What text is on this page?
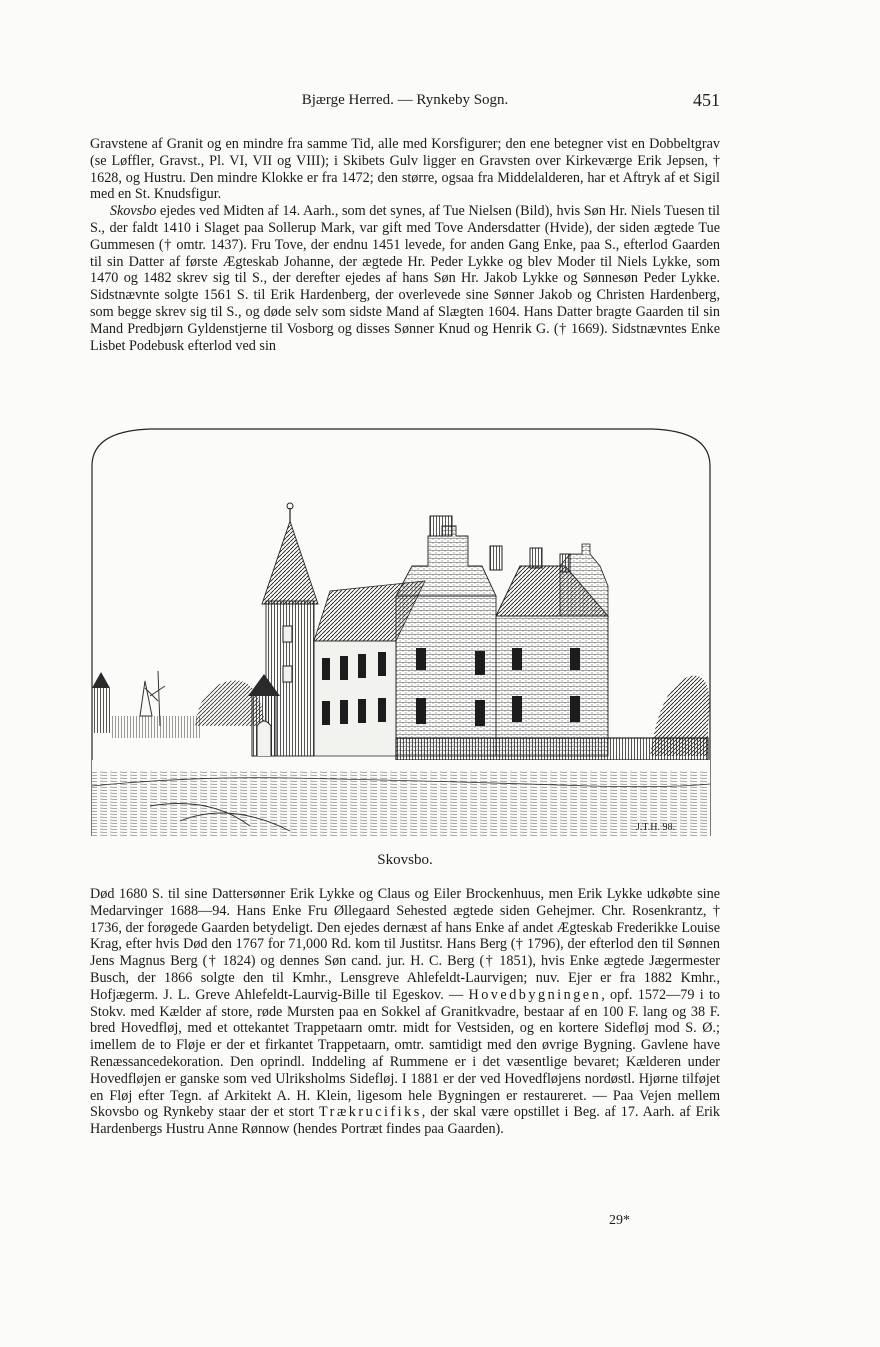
Bjærge Herred. — Rynkeby Sogn.	451

Gravstene af Granit og en mindre fra samme Tid, alle med Korsfigurer; den ene betegner vist en Dobbeltgrav (se Løffler, Gravst., Pl. VI, VII og VIII); i Skibets Gulv ligger en Gravsten over Kirkeværge Erik Jepsen, † 1628, og Hustru. Den mindre Klokke er fra 1472; den større, ogsaa fra Middelalderen, har et Aftryk af et Sigil med en St. Knudsfigur.

Skovsbo ejedes ved Midten af 14. Aarh., som det synes, af Tue Nielsen (Bild), hvis Søn Hr. Niels Tuesen til S., der faldt 1410 i Slaget paa Sollerup Mark, var gift med Tove Andersdatter (Hvide), der siden ægtede Tue Gummesen († omtr. 1437). Fru Tove, der endnu 1451 levede, for anden Gang Enke, paa S., efterlod Gaarden til sin Datter af første Ægteskab Johanne, der ægtede Hr. Peder Lykke og blev Moder til Niels Lykke, som 1470 og 1482 skrev sig til S., der derefter ejedes af hans Søn Hr. Jakob Lykke og Sønnesøn Peder Lykke. Sidstnævnte solgte 1561 S. til Erik Hardenberg, der overlevede sine Sønner Jakob og Christen Hardenberg, som begge skrev sig til S., og døde selv som sidste Mand af Slægten 1604. Hans Datter bragte Gaarden til sin Mand Predbjørn Gyldenstjerne til Vosborg og disses Sønner Knud og Henrik G. († 1669). Sidstnævntes Enke Lisbet Podebusk efterlod ved sin

J.T.H. 98.
Skovsbo.

Død 1680 S. til sine Dattersønner Erik Lykke og Claus og Eiler Brockenhuus, men Erik Lykke udkøbte sine Medarvinger 1688—94. Hans Enke Fru Øllegaard Sehested ægtede siden Gehejmer. Chr. Rosenkrantz, † 1736, der forøgede Gaarden betydeligt. Den ejedes dernæst af hans Enke af andet Ægteskab Frederikke Louise Krag, efter hvis Død den 1767 for 71,000 Rd. kom til Justitsr. Hans Berg († 1796), der efterlod den til Sønnen Jens Magnus Berg († 1824) og dennes Søn cand. jur. H. C. Berg († 1851), hvis Enke ægtede Jægermester Busch, der 1866 solgte den til Kmhr., Lensgreve Ahlefeldt-Laurvigen; nuv. Ejer er fra 1882 Kmhr., Hofjægerm. J. L. Greve Ahlefeldt-Laurvig-Bille til Egeskov. — Hovedbygningen, opf. 1572—79 i to Stokv. med Kælder af store, røde Mursten paa en Sokkel af Granitkvadre, bestaar af en 100 F. lang og 38 F. bred Hovedfløj, med et ottekantet Trappetaarn omtr. midt for Vestsiden, og en kortere Sidefløj mod S. Ø.; imellem de to Fløje er der et firkantet Trappetaarn, omtr. samtidigt med den øvrige Bygning. Gavlene have Renæssancedekoration. Den oprindl. Inddeling af Rummene er i det væsentlige bevaret; Kælderen under Hovedfløjen er ganske som ved Ulriksholms Sidefløj. I 1881 er der ved Hovedfløjens nordøstl. Hjørne tilføjet en Fløj efter Tegn. af Arkitekt A. H. Klein, ligesom hele Bygningen er restaureret. — Paa Vejen mellem Skovsbo og Rynkeby staar der et stort Trækrucifiks, der skal være opstillet i Beg. af 17. Aarh. af Erik Hardenbergs Hustru Anne Rønnow (hendes Portræt findes paa Gaarden).

29*
